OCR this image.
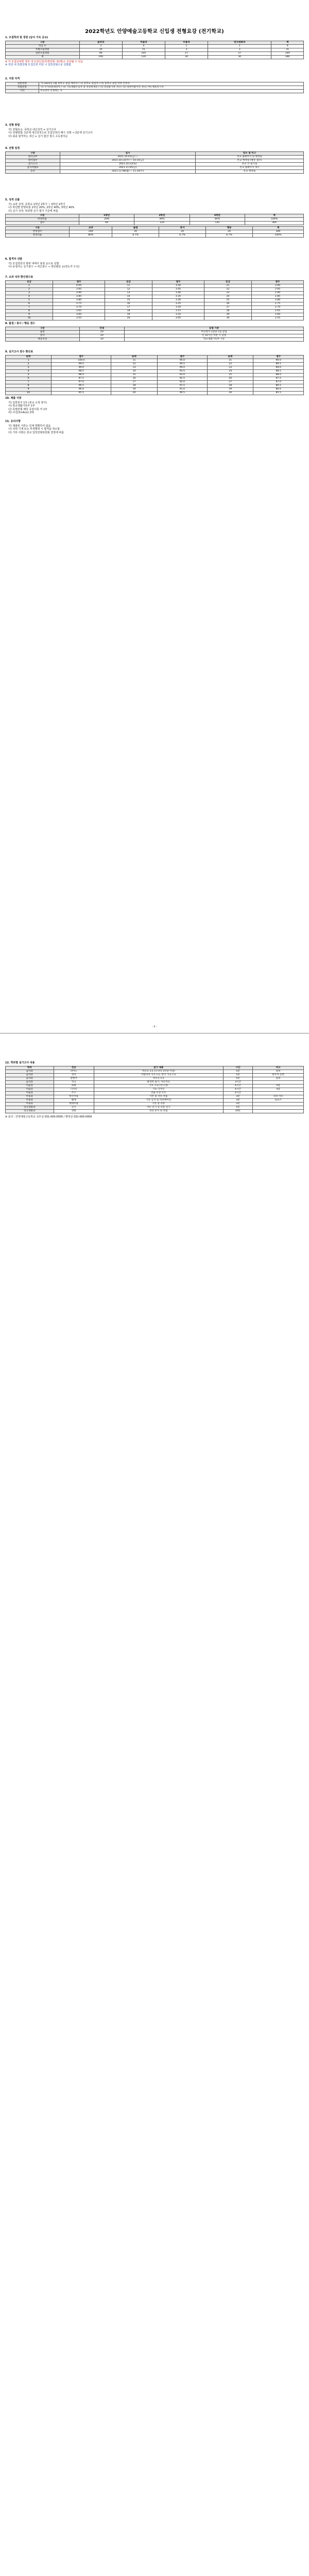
2022학년도 안양예술고등학교 신입생 전형요강 (전기학교)
1. 모집학과 및 정원 (남녀 기숙 공교)
구분	음악과	미술과	무용과	연극영화과	계
학급 수	3	4	1	1	9
특별모집정원	10	15	3	3	31
일반모집정원	90	105	27	27	249
계	100	120	30	30	280
※ 각 모집단위별 정원 내 모집인원(특별전형: 31명)은 증감될 수 있음
※ 정원 내 특별전형 모집인원 미달 시 일반전형으로 선발함
2. 지원 자격
일반전형	가) 2022년 2월 중학교 졸업 예정자 / 나) 중학교 졸업자 / 다) 중학교 졸업 학력 인정자
특별전형	가) 국가보훈대상자 / 나) 기초생활수급자 및 차상위계층 / 다) 다문화가정 자녀 / 라) 북한이탈주민 자녀 / 마) 체육특기자
기타	학교장이 인정하는 자
3. 전형 방법
가) 전형요소: 중학교 내신성적 + 실기고사
나) 전형방법: 1단계 내신성적으로 모집인원의 배수 선발 → 2단계 실기고사
다) 최종 합격자는 내신 + 실기 합산 점수 고득점자순
4. 전형 일정
구분	일시	장소 및 비고
원서교부	2021.10.01(금) ~	본교 홈페이지 및 행정실
원서접수	2021.10.13(수) ~ 10.15(금)	본교 행정실 (방문 접수)
실기고사	2021.10.23(토)	본교 각 실기실
합격자발표	2021.11.05(금)	본교 홈페이지 게시
등록	2021.11.08(월) ~ 11.10(수)	본교 행정실
5. 성적 산출
가) 교과 성적: 중학교 1학년 2학기 ~ 3학년 2학기
나) 학년별 반영비율 1학년 20%, 2학년 40%, 3학년 40%
다) 실기 성적: 학과별 실기 평가 기준에 따름
구분	1학년	2학년	3학년	계
반영비율	20%	40%	40%	100%
점수	60	120	120	300
구분	교과	출결	봉사	행동	계
반영점수	240	20	20	20	300
반영비율	80%	6.7%	6.7%	6.7%	100%
6. 합격자 선발
가) 모집정원의 범위 내에서 총점 순으로 선발
나) 동점자는 실기점수 → 내신점수 → 생년월일 순(연소자 우선)
7. 교과 석차 환산점수표
등급	점수	등급	점수	등급	점수
1	4.00	11	3.50	21	3.00
2	3.95	12	3.45	22	2.95
3	3.90	13	3.40	23	2.90
4	3.85	14	3.35	24	2.85
5	3.80	15	3.30	25	2.80
6	3.75	16	3.25	26	2.75
7	3.70	17	3.20	27	2.70
8	3.65	18	3.15	28	2.65
9	3.60	19	3.10	29	2.60
10	3.55	20	3.05	30	2.55
8. 출결 / 봉사 / 행동 점수
구분	만점	감점 기준
출결	20	무단결석 1일당 1점 감점
봉사	20	연 10시간 미만 시 감점
행동특성	20	학교생활기록부 기준
9. 실기고사 점수 환산표
순위	점수	순위	점수	순위	점수
1	100.0	11	95.0	21	90.0
2	99.5	12	94.5	22	89.5
3	99.0	13	94.0	23	89.0
4	98.5	14	93.5	24	88.5
5	98.0	15	93.0	25	88.0
6	97.5	16	92.5	26	87.5
7	97.0	17	92.0	27	87.0
8	96.5	18	91.5	28	86.5
9	96.0	19	91.0	29	86.0
10	95.5	20	90.5	30	85.5
10. 제출 서류
가) 입학원서 1부 (본교 소정 양식)
나) 학교생활기록부 1부
다) 특별전형 해당 증빙서류 각 1부
라) 사진(3×4cm) 2매
11. 유의사항
가) 제출된 서류는 일체 반환하지 않음
나) 허위 기재 또는 부정행위 시 합격을 취소함
다) 기타 사항은 본교 입학전형위원회 결정에 따름
- 1 -
12. 학과별 실기고사 내용
학과	전공	실기 내용	시간	비고
음악과	피아노	자유곡 1곡 (소나타 1악장 이상)	5분	암보
음악과	성악	이탈리아 가곡 1곡, 한국 가곡 1곡	5분	반주자 동반
음악과	관현악	자유곡 1곡	5분	암보
음악과	작곡	화성학 필기, 자유작곡	3시간	
미술과	회화	기초 소묘 (석고상)	4시간	4절
미술과	디자인	기초 디자인	4시간	4절
미술과	조소	인물 두상 소조	4시간	
무용과	한국무용	기본 및 자유 작품	3분	의상 자유
무용과	발레	기본 동작 및 바리에이션	3분	토슈즈
무용과	현대무용	기본 및 즉흥	3분	
연극영화과	연기	자유 연기 및 즉흥 연기	5분	
연극영화과	영화	영상 분석 및 면접	20분	
※ 문의 : 안양예술고등학교 교무실 031-000-0000 / 행정실 031-000-0000
